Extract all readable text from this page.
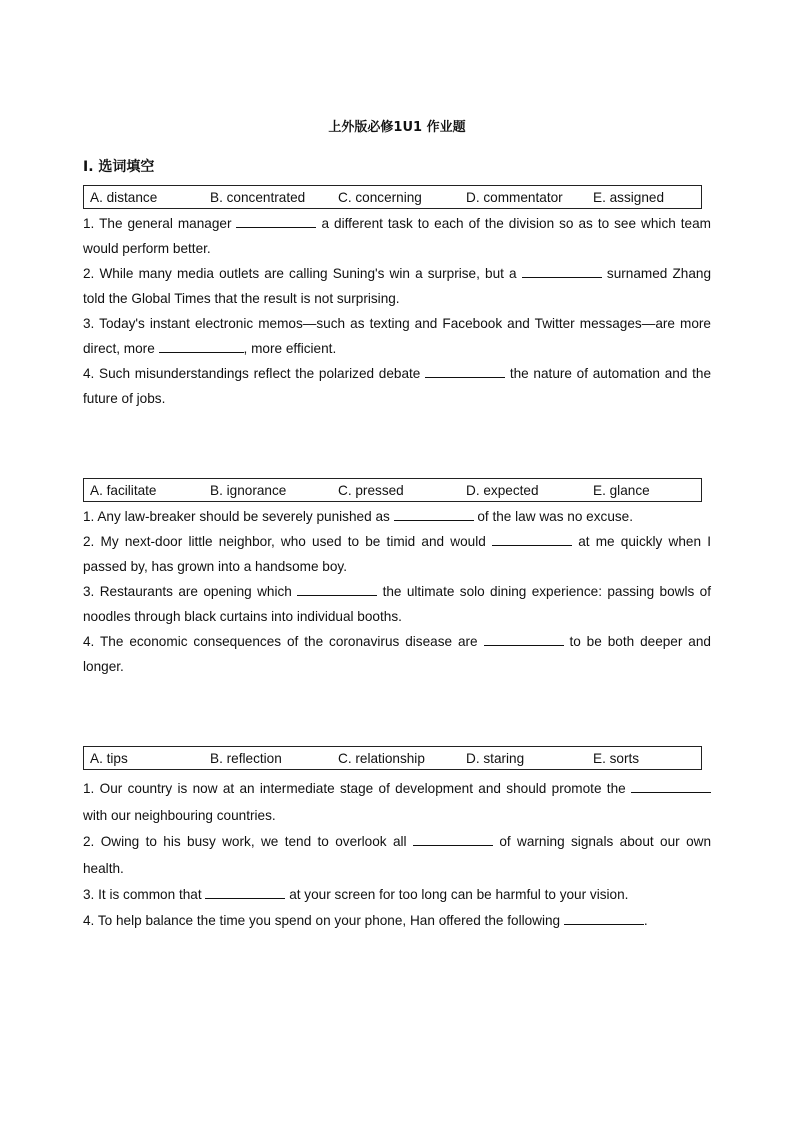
上外版必修1U1 作业题
I. 选词填空
A. distance	B. concentrated C. concerning	D. commentator E. assigned
1. The general manager	a different task to each of the division so as to see which team would perform better.
2. While many media outlets are calling Suning's win a surprise, but a	surnamed Zhang told the Global Times that the result is not surprising.
3. Today's instant electronic memos—such as texting and Facebook and Twitter messages—are more direct, more	, more efficient.
4. Such misunderstandings reflect the polarized debate	the nature of automation and the future of jobs.
A. facilitate	B. ignorance	C. pressed	D. expected	E. glance
1. Any law-breaker should be severely punished as	of the law was no excuse.
2. My next-door little neighbor, who used to be timid and would	at me quickly when I passed by, has grown into a handsome boy.
3. Restaurants are opening which	the ultimate solo dining experience: passing bowls of noodles through black curtains into individual booths.
4. The economic consequences of the coronavirus disease are	to be both deeper and longer.
A. tips	B. reflection	C. relationship	D. staring	E. sorts
1. Our country is now at an intermediate stage of development and should promote the  with our neighbouring countries.
2. Owing to his busy work, we tend to overlook all	of warning signals about our own health.
3. It is common that	at your screen for too long can be harmful to your vision.
4. To help balance the time you spend on your phone, Han offered the following	.
